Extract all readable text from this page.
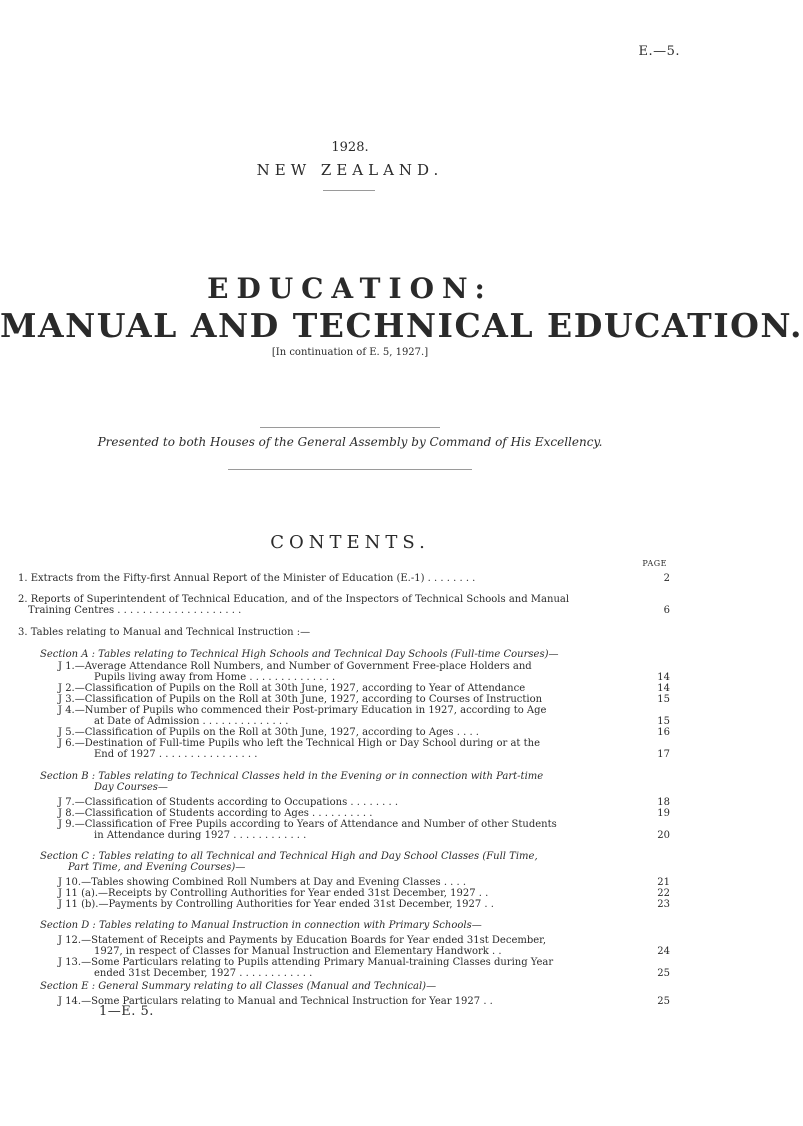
E.—5.
1928.
NEW ZEALAND.
EDUCATION:
MANUAL AND TECHNICAL EDUCATION.
[In continuation of E. 5, 1927.]
Presented to both Houses of the General Assembly by Command of His Excellency.
CONTENTS.
PAGE
1. Extracts from the Fifty-first Annual Report of the Minister of Education (E.-1) . . . . . . . .	2
2. Reports of Superintendent of Technical Education, and of the Inspectors of Technical Schools and Manual
Training Centres . . . . . . . . . . . . . . . . . . . .	6
3. Tables relating to Manual and Technical Instruction :—
Section A : Tables relating to Technical High Schools and Technical Day Schools (Full-time Courses)—
J 1.—Average Attendance Roll Numbers, and Number of Government Free-place Holders and
Pupils living away from Home . . . . . . . . . . . . . .	14
J 2.—Classification of Pupils on the Roll at 30th June, 1927, according to Year of Attendance	14
J 3.—Classification of Pupils on the Roll at 30th June, 1927, according to Courses of Instruction	15
J 4.—Number of Pupils who commenced their Post-primary Education in 1927, according to Age
at Date of Admission . . . . . . . . . . . . . .	15
J 5.—Classification of Pupils on the Roll at 30th June, 1927, according to Ages . . . .	16
J 6.—Destination of Full-time Pupils who left the Technical High or Day School during or at the
End of 1927 . . . . . . . . . . . . . . . .	17
Section B : Tables relating to Technical Classes held in the Evening or in connection with Part-time
Day Courses—
J 7.—Classification of Students according to Occupations . . . . . . . .	18
J 8.—Classification of Students according to Ages . . . . . . . . . .	19
J 9.—Classification of Free Pupils according to Years of Attendance and Number of other Students
in Attendance during 1927 . . . . . . . . . . . .	20
Section C : Tables relating to all Technical and Technical High and Day School Classes (Full Time,
Part Time, and Evening Courses)—
J 10.—Tables showing Combined Roll Numbers at Day and Evening Classes . . . .	21
J 11 (a).—Receipts by Controlling Authorities for Year ended 31st December, 1927 . .	22
J 11 (b).—Payments by Controlling Authorities for Year ended 31st December, 1927 . .	23
Section D : Tables relating to Manual Instruction in connection with Primary Schools—
J 12.—Statement of Receipts and Payments by Education Boards for Year ended 31st December,
1927, in respect of Classes for Manual Instruction and Elementary Handwork . .	24
J 13.—Some Particulars relating to Pupils attending Primary Manual-training Classes during Year
ended 31st December, 1927 . . . . . . . . . . . .	25
Section E : General Summary relating to all Classes (Manual and Technical)—
J 14.—Some Particulars relating to Manual and Technical Instruction for Year 1927 . .	25
1—E. 5.
